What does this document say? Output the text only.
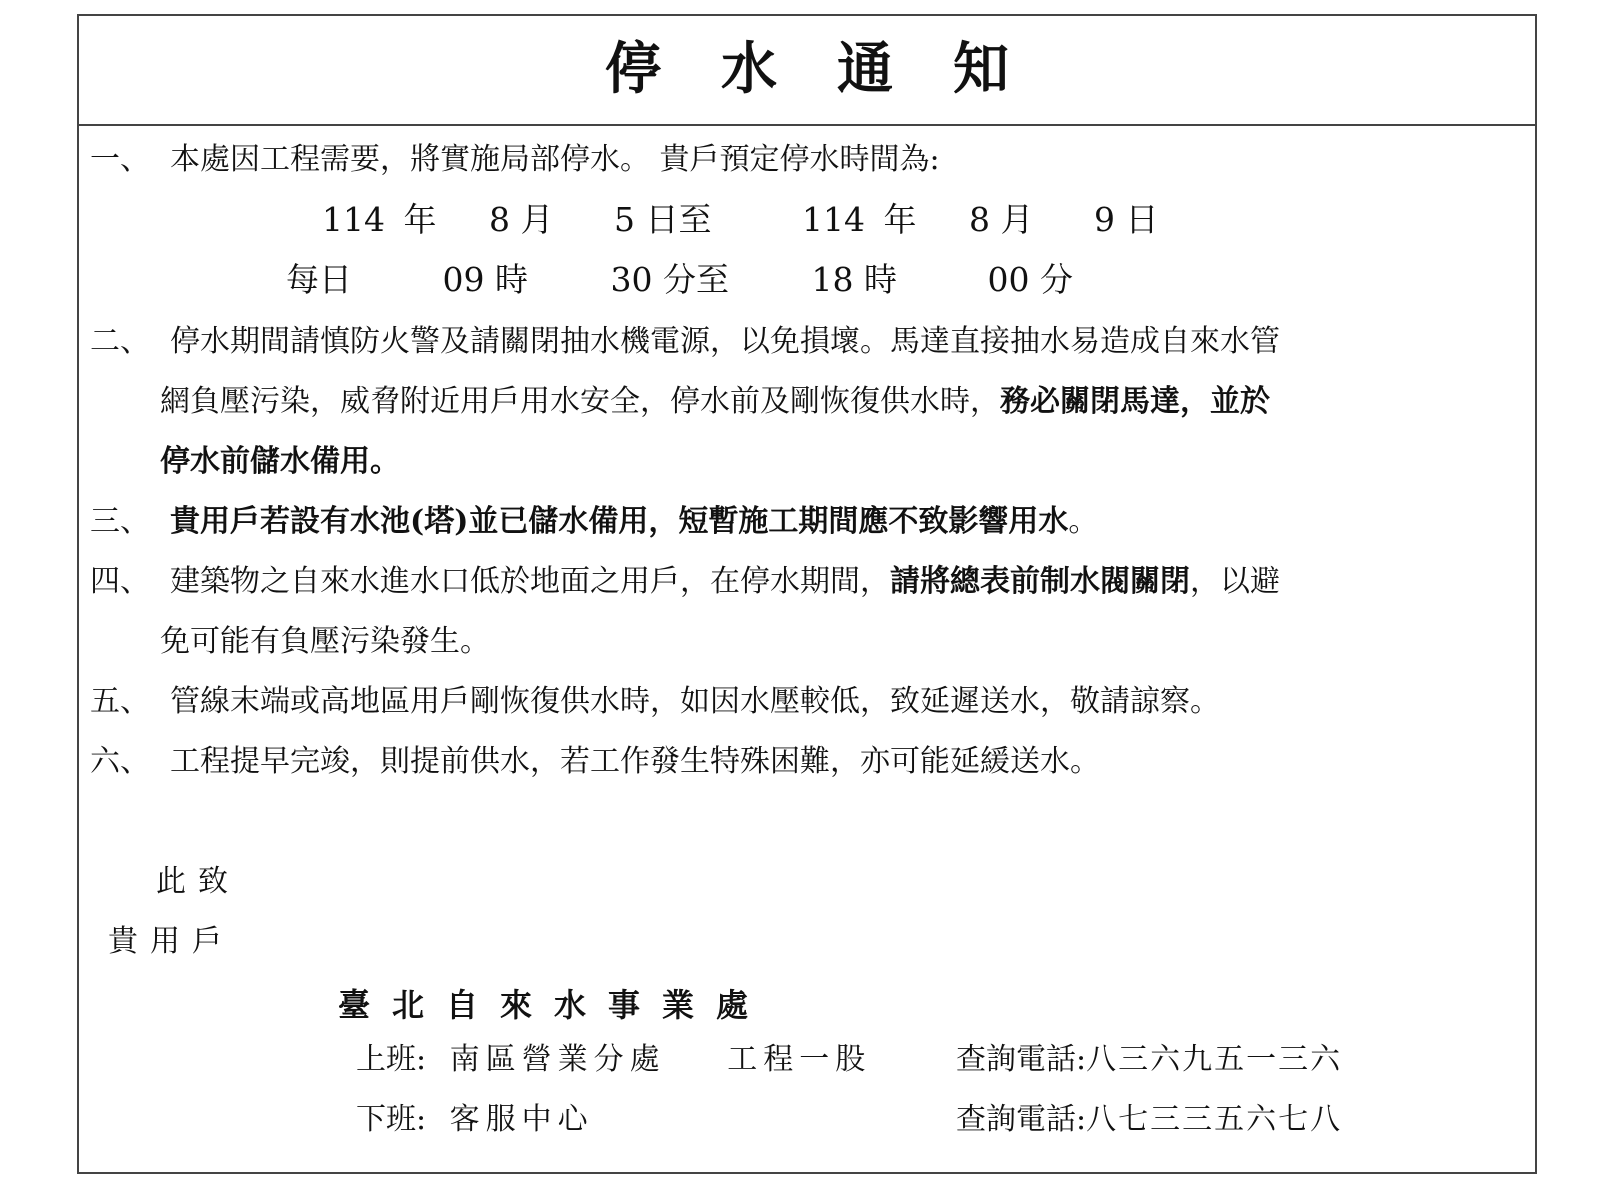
停水通知
一、 本處因工程需要，將實施局部停水。 貴戶預定停水時間為:
114 年 8 月 5 日至	114 年 8 月 9 日
每日	09 時	30 分至	18 時	00 分
二、 停水期間請慎防火警及請關閉抽水機電源，以免損壞。馬達直接抽水易造成自來水管
網負壓污染，威脅附近用戶用水安全，停水前及剛恢復供水時，務必關閉馬達，並於
停水前儲水備用。
三、 貴用戶若設有水池(塔)並已儲水備用，短暫施工期間應不致影響用水。
四、 建築物之自來水進水口低於地面之用戶，在停水期間，請將總表前制水閥關閉，以避
免可能有負壓污染發生。
五、 管線末端或高地區用戶剛恢復供水時，如因水壓較低，致延遲送水，敬請諒察。
六、 工程提早完竣，則提前供水，若工作發生特殊困難，亦可能延緩送水。
此致
貴用戶
臺北自來水事業處
上班: 南區營業分處 工程一股	查詢電話:八三六九五一三六
下班: 客服中心	查詢電話:八七三三五六七八
